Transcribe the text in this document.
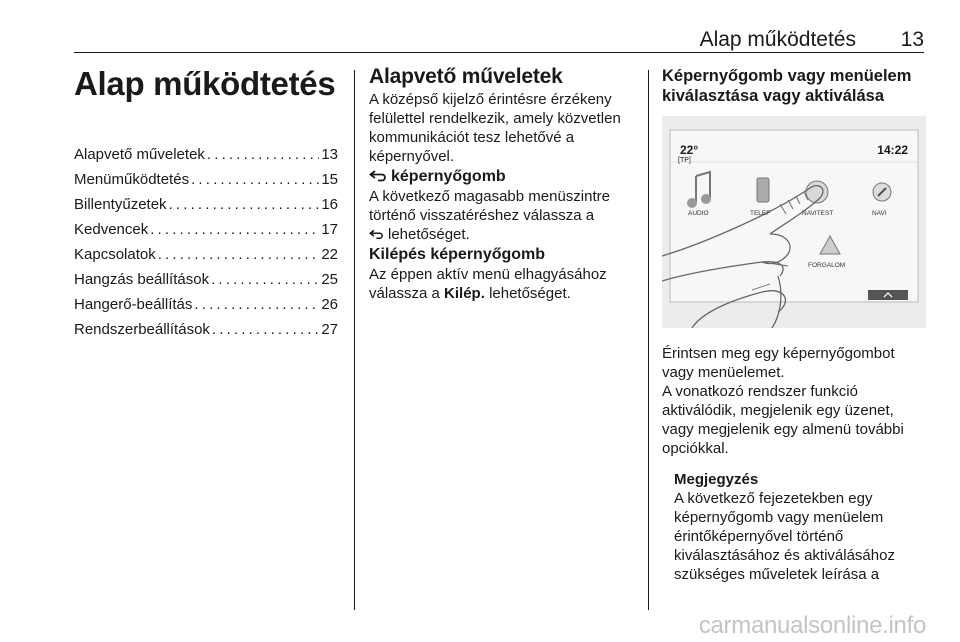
Alap működtetés 13
Alap működtetés
Alapvető műveletek . . .	13
Menüműködtetés . . .	15
Billentyűzetek . . .	16
Kedvencek . . .	17
Kapcsolatok . . .	22
Hangzás beállítások . . .	25
Hangerő-beállítás . . .	26
Rendszerbeállítások . . .	27
Alapvető műveletek

A középső kijelző érintésre érzékeny felülettel rendelkezik, amely közvetlen kommunikációt tesz lehetővé a képernyővel.

képernyőgomb

A következő magasabb menüszintre történő visszatéréshez válassza a
lehetőséget.

Kilépés képernyőgomb

Az éppen aktív menü elhagyásához válassza a Kilép. lehetőséget.

Képernyőgomb vagy menüelem kiválasztása vagy aktiválása
22°
[TP]
14:22
AUDIO	TELEF	NAVITEST	NAVI
FORGALOM

Érintsen meg egy képernyőgombot vagy menüelemet.

A vonatkozó rendszer funkció aktiválódik, megjelenik egy üzenet, vagy megjelenik egy almenü további opciókkal.

Megjegyzés

A következő fejezetekben egy képernyőgomb vagy menüelem érintőképernyővel történő kiválasztásához és aktiválásához szükséges műveletek leírása a

carmanualsonline.info
